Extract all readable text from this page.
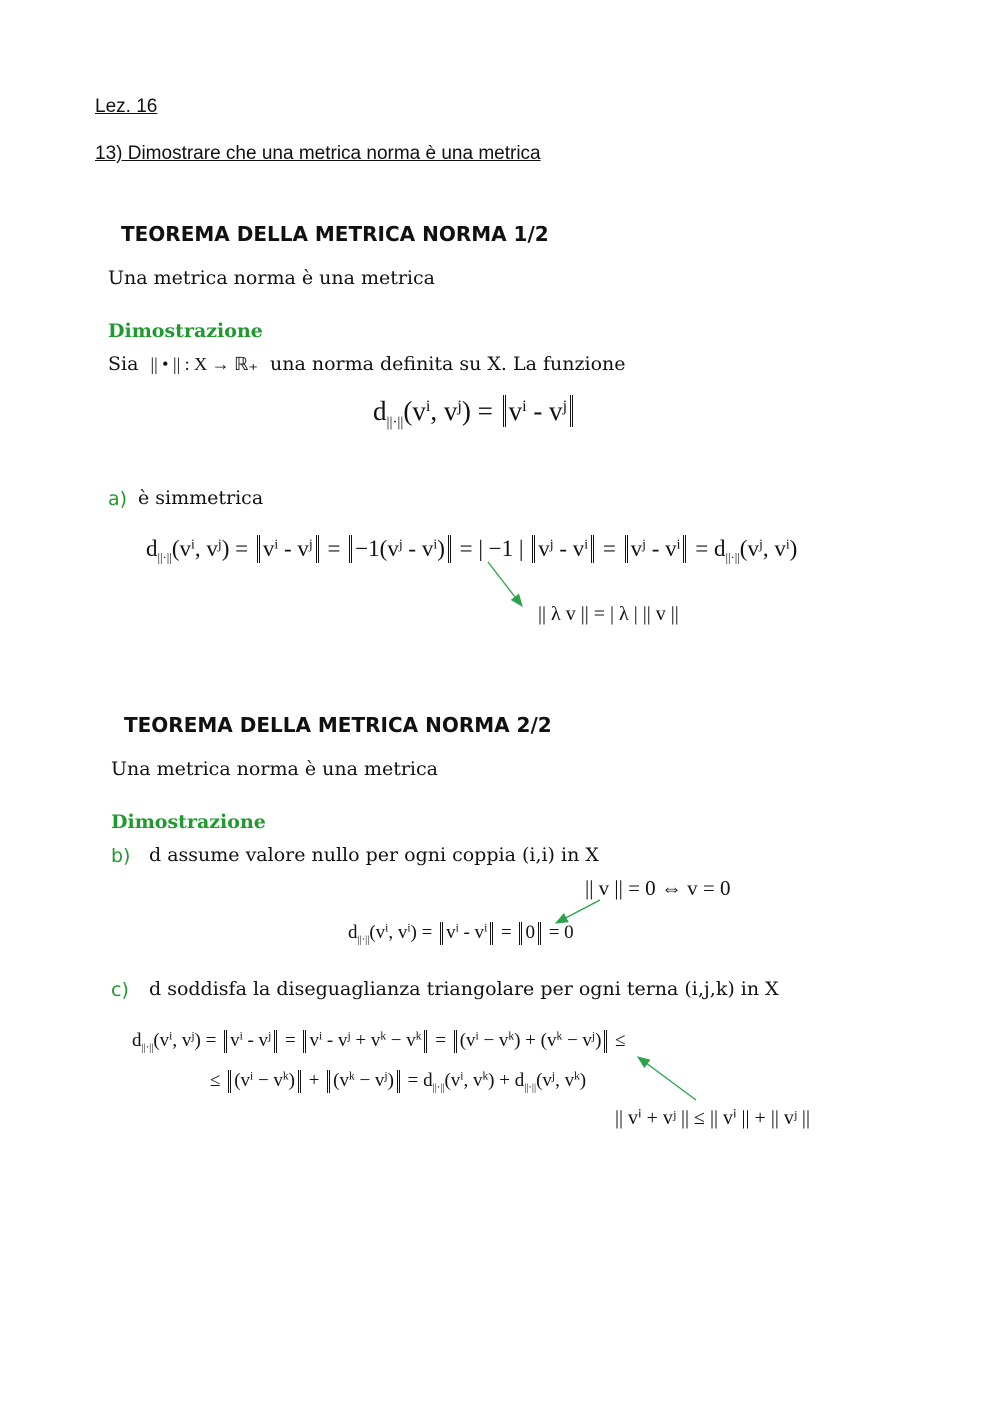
Lez. 16
13) Dimostrare che una metrica norma è una metrica
TEOREMA DELLA METRICA NORMA 1/2
Una metrica norma è una metrica
Dimostrazione
Sia || • || : X → ℝ₊ una norma definita su X. La funzione
$d_{||\cdot||}(v^i$, $v^j) = v^i - v^j$
a) è simmetrica
$d_{||\cdot||}(v^i$, $v^j) = v^i - v^j = -1(v^j - v^i)$ = | −1 | $v^j - v^i = v^j - v^i = d_{||\cdot||}(v^j$, $v^i$)
|| λ v || = | λ | || v ||
TEOREMA DELLA METRICA NORMA 2/2
Una metrica norma è una metrica
Dimostrazione
b) d assume valore nullo per ogni coppia (i,i) in X
|| v || = 0 ⇔ v = 0
$d_{||\cdot||}(v^i$, $v^i) = v^i - v^i = 0 = 0$
c) d soddisfa la diseguaglianza triangolare per ogni terna (i,j,k) in X
$d_{||\cdot||}(v^i$, $v^j) = v^i - v^j = v^i - v^j + v^k - v^k = (v^i - v^k) + (v^k - v^j)$ ≤
≤ $(v^i - v^k) + (v^k - v^j) = d_{||\cdot||}(v^i$, $v^k) + d_{||\cdot||}(v^j$, $v^k$)
|| vⁱ + vʲ || ≤ || vⁱ || + || vʲ ||
